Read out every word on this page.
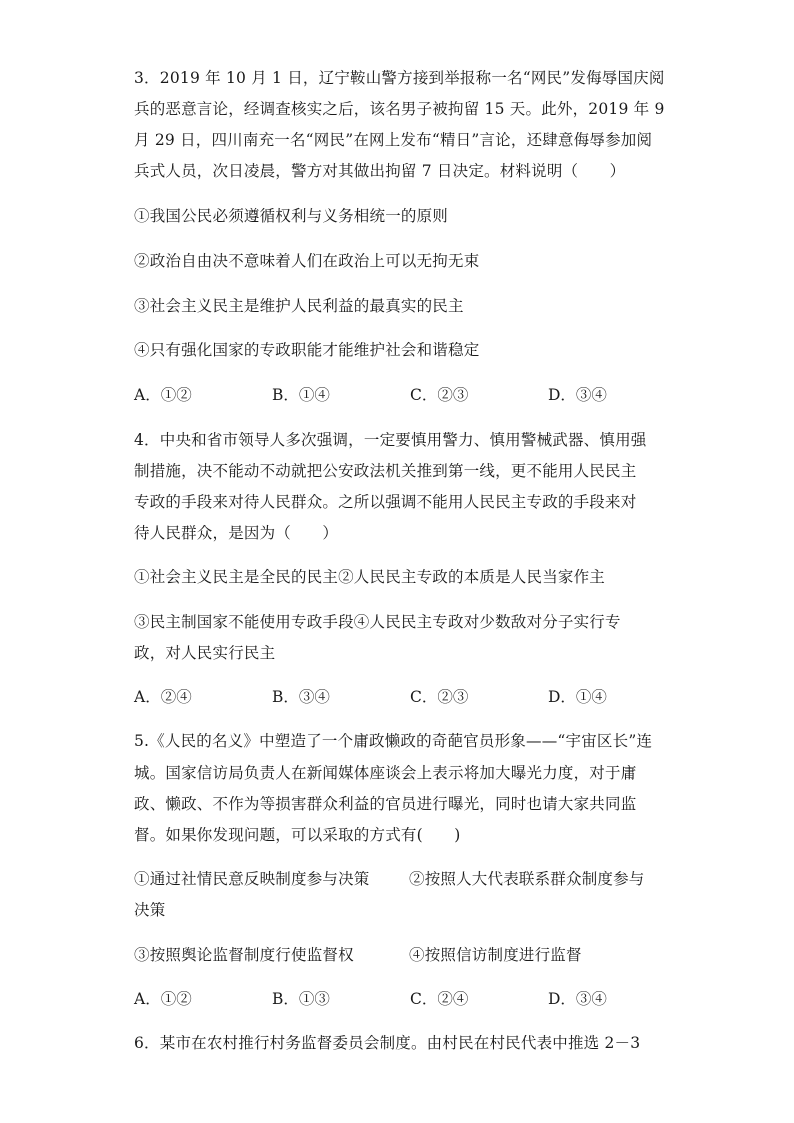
3．2019 年 10 月 1 日，辽宁鞍山警方接到举报称一名“网民”发侮辱国庆阅
兵的恶意言论，经调查核实之后，该名男子被拘留 15 天。此外，2019 年 9
月 29 日，四川南充一名“网民”在网上发布“精日”言论，还肆意侮辱参加阅
兵式人员，次日凌晨，警方对其做出拘留 7 日决定。材料说明（　　）
①我国公民必须遵循权利与义务相统一的原则
②政治自由决不意味着人们在政治上可以无拘无束
③社会主义民主是维护人民利益的最真实的民主
④只有强化国家的专政职能才能维护社会和谐稳定
A．①②	B．①④	C．②③	D．③④
4．中央和省市领导人多次强调，一定要慎用警力、慎用警械武器、慎用强
制措施，决不能动不动就把公安政法机关推到第一线，更不能用人民民主
专政的手段来对待人民群众。之所以强调不能用人民民主专政的手段来对
待人民群众，是因为（　　）
①社会主义民主是全民的民主②人民民主专政的本质是人民当家作主
③民主制国家不能使用专政手段④人民民主专政对少数敌对分子实行专
政，对人民实行民主
A．②④	B．③④	C．②③	D．①④
5.《人民的名义》中塑造了一个庸政懒政的奇葩官员形象——“宇宙区长”连
城。国家信访局负责人在新闻媒体座谈会上表示将加大曝光力度，对于庸
政、懒政、不作为等损害群众利益的官员进行曝光，同时也请大家共同监
督。如果你发现问题，可以采取的方式有(　　)
①通过社情民意反映制度参与决策	②按照人大代表联系群众制度参与
决策
③按照舆论监督制度行使监督权	④按照信访制度进行监督
A．①②	B．①③	C．②④	D．③④
6．某市在农村推行村务监督委员会制度。由村民在村民代表中推选 2－3
